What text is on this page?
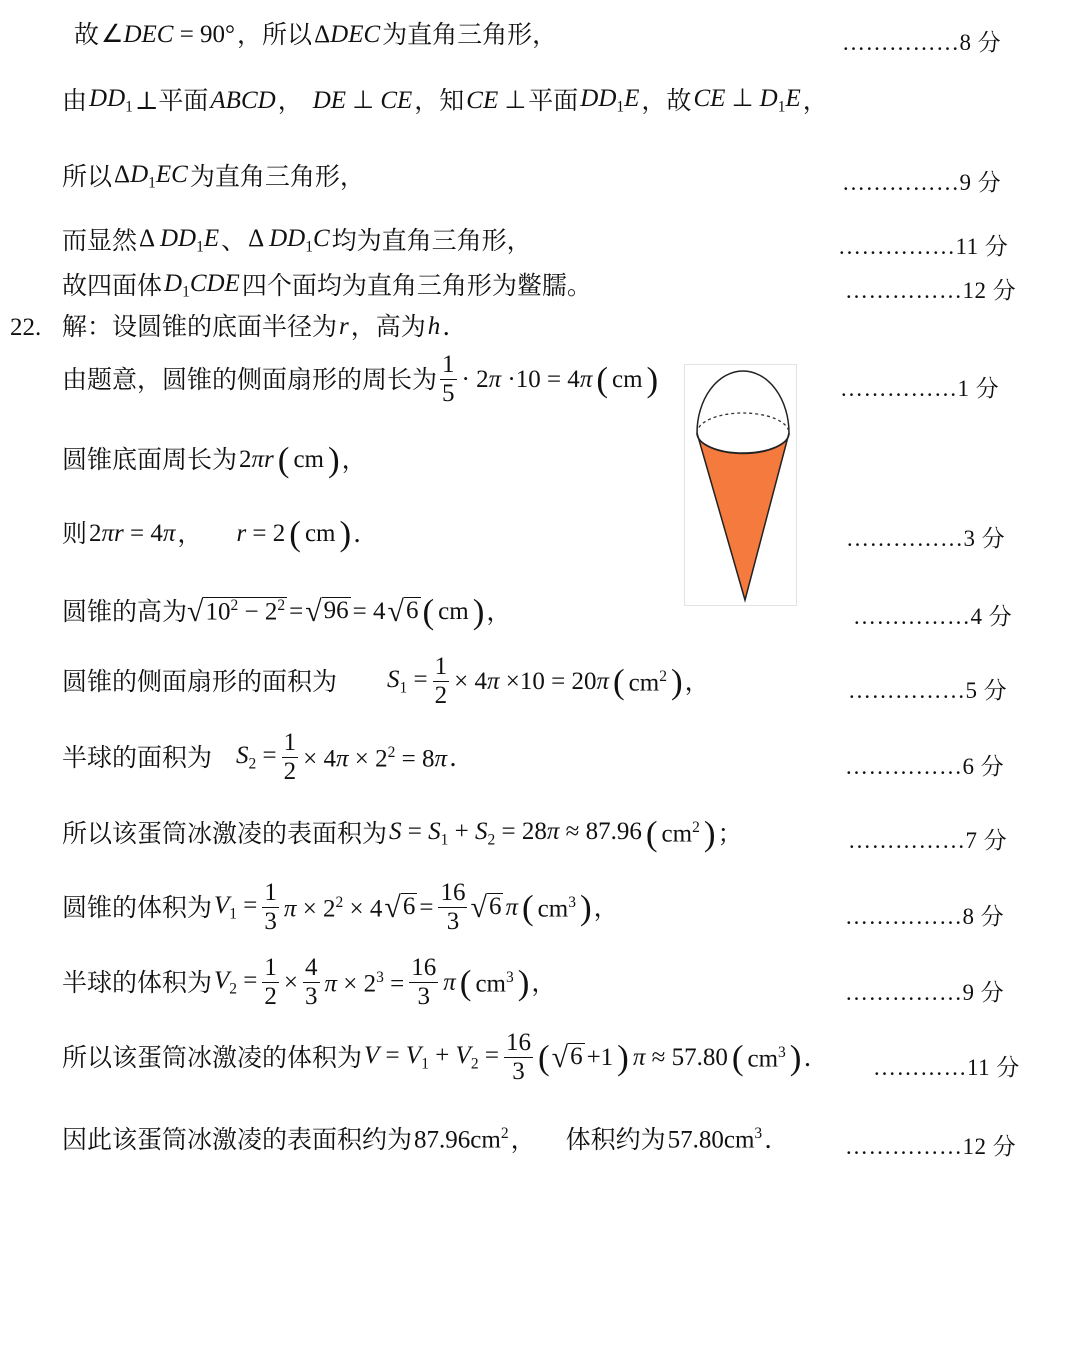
故 ∠DEC = 90° ，所以 ΔDEC 为直角三角形，	……………8 分
由 $DD_1$ ⊥ 平面 ABCD ， DE ⊥ CE ，知 CE ⊥ 平面 $DD_1E$ ，故 CE ⊥ $D_1E$ ，
所以 $\Delta D_1EC$ 为直角三角形，	……………9 分
而显然 Δ $DD_1E$ 、 Δ $DD_1C$ 均为直角三角形，	……………11 分
故四面体 $D_1CDE$ 四个面均为直角三角形为鳖臑。	……………12 分
22. 解：设圆锥的底面半径为 r ，高为 h .
由题意，圆锥的侧面扇形的周长为 $\frac{1}{5} \cdot 2\pi \cdot 10 = 4\pi$ ( cm )	……………1 分
圆锥底面周长为 2πr ( cm ) ，
则 2πr = 4π ， r = 2 ( cm ) .	……………3 分
圆锥的高为 √ $10^2 - 2^2$ = √ 96 = 4 √ 6 ( cm ) ，	……………4 分
圆锥的侧面扇形的面积为 $S_1 = \frac{1}{2} \times 4\pi \times 10 = 20\pi$ ( $cm^2$ ) ，	……………5 分
半球的面积为 $S_2 = \frac{1}{2} \times 4\pi \times 2^2 = 8\pi$ .	……………6 分
所以该蛋筒冰激凌的表面积为 $S = S_1 + S_2 = 28\pi \approx 87.96$ ( $cm^2$ ) ；	……………7 分
圆锥的体积为 $V_1 = \frac{1}{3}$ $\pi \times 2^2 \times 4$ √ $6 = \frac{16}{3}$ √ 6 π ( $cm^3$ ) ，	……………8 分
半球的体积为 $V_2 = \frac{1}{2} \times \frac{4}{3}$ $\pi \times 2^3 = \frac{16}{3}$ π ( $cm^3$ ) ，	……………9 分
所以该蛋筒冰激凌的体积为 $V = V_1 + V_2 = \frac{16}{3}$ ( √ 6 +1 ) π ≈ 57.80 ( $cm^3$ ) .	…………11 分
因此该蛋筒冰激凌的表面积约为 $87.96cm^2$ ， 体积约为 $57.80cm^3$ .	……………12 分
